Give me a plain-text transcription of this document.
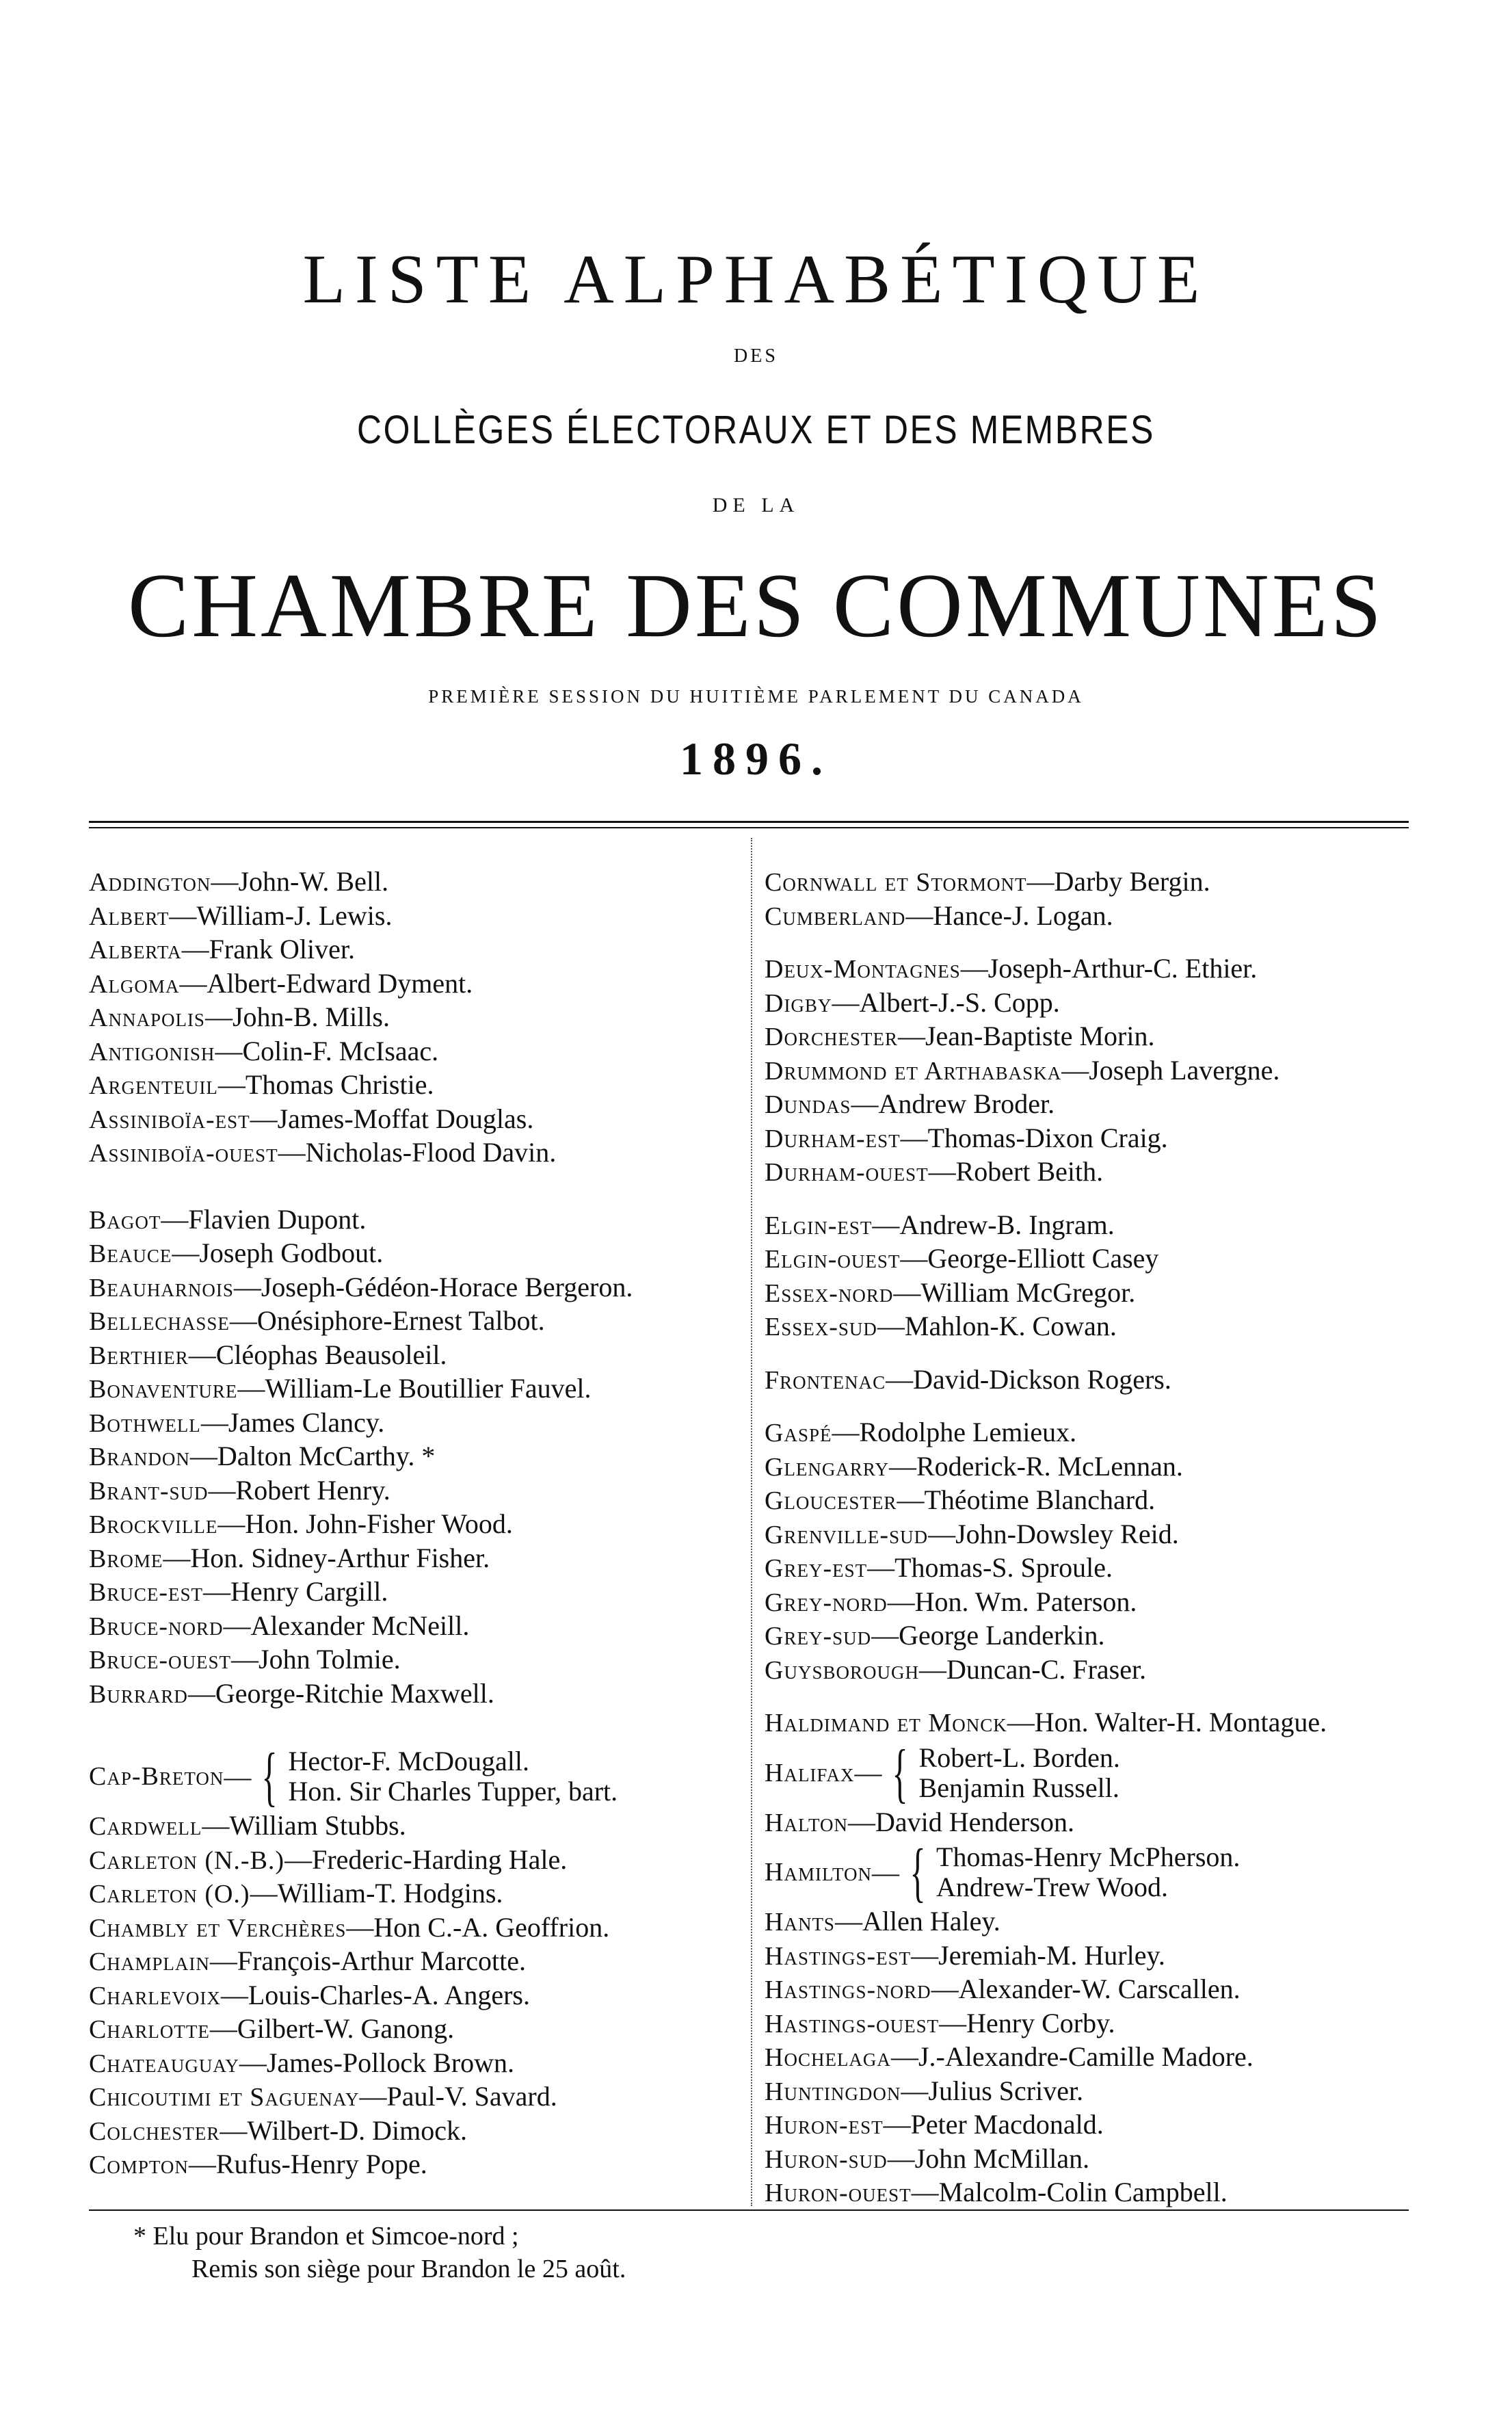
LISTE ALPHABÉTIQUE
DES
COLLÈGES ÉLECTORAUX ET DES MEMBRES
DE LA
CHAMBRE DES COMMUNES
PREMIÈRE SESSION DU HUITIÈME PARLEMENT DU CANADA
1896.
Addington—John-W. Bell.
Albert—William-J. Lewis.
Alberta—Frank Oliver.
Algoma—Albert-Edward Dyment.
Annapolis—John-B. Mills.
Antigonish—Colin-F. McIsaac.
Argenteuil—Thomas Christie.
Assiniboïa-est—James-Moffat Douglas.
Assiniboïa-ouest—Nicholas-Flood Davin.
Bagot—Flavien Dupont.
Beauce—Joseph Godbout.
Beauharnois—Joseph-Gédéon-Horace Bergeron.
Bellechasse—Onésiphore-Ernest Talbot.
Berthier—Cléophas Beausoleil.
Bonaventure—William-Le Boutillier Fauvel.
Bothwell—James Clancy.
Brandon—Dalton McCarthy. *
Brant-sud—Robert Henry.
Brockville—Hon. John-Fisher Wood.
Brome—Hon. Sidney-Arthur Fisher.
Bruce-est—Henry Cargill.
Bruce-nord—Alexander McNeill.
Bruce-ouest—John Tolmie.
Burrard—George-Ritchie Maxwell.
Cap-Breton — { Hector-F. McDougall.
Hon. Sir Charles Tupper, bart.
Cardwell—William Stubbs.
Carleton (N.-B.)—Frederic-Harding Hale.
Carleton (O.)—William-T. Hodgins.
Chambly et Verchères—Hon C.-A. Geoffrion.
Champlain—François-Arthur Marcotte.
Charlevoix—Louis-Charles-A. Angers.
Charlotte—Gilbert-W. Ganong.
Chateauguay—James-Pollock Brown.
Chicoutimi et Saguenay—Paul-V. Savard.
Colchester—Wilbert-D. Dimock.
Compton—Rufus-Henry Pope.
Cornwall et Stormont—Darby Bergin.
Cumberland—Hance-J. Logan.
Deux-Montagnes—Joseph-Arthur-C. Ethier.
Digby—Albert-J.-S. Copp.
Dorchester—Jean-Baptiste Morin.
Drummond et Arthabaska—Joseph Lavergne.
Dundas—Andrew Broder.
Durham-est—Thomas-Dixon Craig.
Durham-ouest—Robert Beith.
Elgin-est—Andrew-B. Ingram.
Elgin-ouest—George-Elliott Casey
Essex-nord—William McGregor.
Essex-sud—Mahlon-K. Cowan.
Frontenac—David-Dickson Rogers.
Gaspé—Rodolphe Lemieux.
Glengarry—Roderick-R. McLennan.
Gloucester—Théotime Blanchard.
Grenville-sud—John-Dowsley Reid.
Grey-est—Thomas-S. Sproule.
Grey-nord—Hon. Wm. Paterson.
Grey-sud—George Landerkin.
Guysborough—Duncan-C. Fraser.
Haldimand et Monck—Hon. Walter-H. Montague.
Halifax — { Robert-L. Borden.
Benjamin Russell.
Halton—David Henderson.
Hamilton — { Thomas-Henry McPherson.
Andrew-Trew Wood.
Hants—Allen Haley.
Hastings-est—Jeremiah-M. Hurley.
Hastings-nord—Alexander-W. Carscallen.
Hastings-ouest—Henry Corby.
Hochelaga—J.-Alexandre-Camille Madore.
Huntingdon—Julius Scriver.
Huron-est—Peter Macdonald.
Huron-sud—John McMillan.
Huron-ouest—Malcolm-Colin Campbell.
* Elu pour Brandon et Simcoe-nord ;
Remis son siège pour Brandon le 25 août.
